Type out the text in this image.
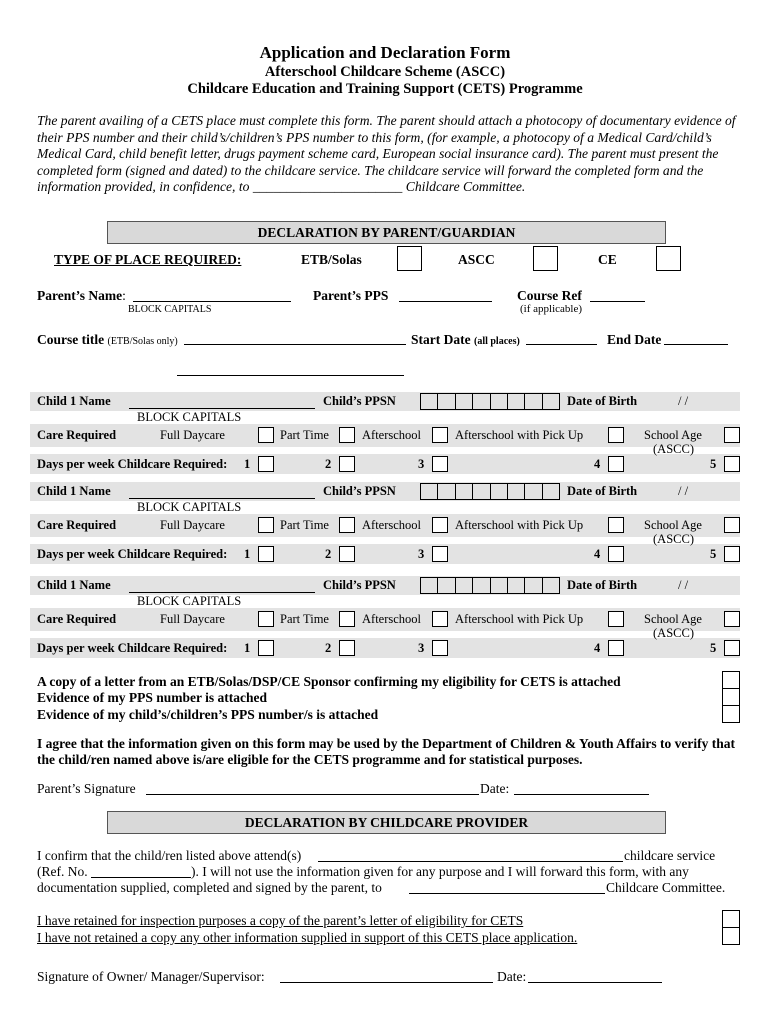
Application and Declaration Form
Afterschool Childcare Scheme (ASCC)
Childcare Education and Training Support (CETS) Programme
The parent availing of a CETS place must complete this form. The parent should attach a photocopy of documentary evidence of their PPS number and their child’s/children’s PPS number to this form, (for example, a photocopy of a Medical Card/child’s Medical Card, child benefit letter, drugs payment scheme card, European social insurance card). The parent must present the completed form (signed and dated) to the childcare service. The childcare service will forward the completed form and the information provided, in confidence, to ______________________ Childcare Committee.
DECLARATION BY PARENT/GUARDIAN
TYPE OF PLACE REQUIRED:	ETB/Solas	ASCC	CE
Parent’s Name:
BLOCK CAPITALS
Parent’s PPS	Course Ref
(if applicable)
Course title (ETB/Solas only)	Start Date (all places)	End Date
Child 1 Name	Child’s PPSN	Date of Birth	/ /
BLOCK CAPITALS
Care Required	Full Daycare	Part Time	Afterschool	Afterschool with Pick Up	School Age
(ASCC)
Days per week Childcare Required: 1	2	3	4	5
Child 1 Name	Child’s PPSN	Date of Birth	/ /
BLOCK CAPITALS
Care Required	Full Daycare	Part Time	Afterschool	Afterschool with Pick Up	School Age
(ASCC)
Days per week Childcare Required: 1	2	3	4	5
Child 1 Name	Child’s PPSN	Date of Birth	/ /
BLOCK CAPITALS
Care Required	Full Daycare	Part Time	Afterschool	Afterschool with Pick Up	School Age
(ASCC)
Days per week Childcare Required: 1	2	3	4	5
A copy of a letter from an ETB/Solas/DSP/CE Sponsor confirming my eligibility for CETS is attached
Evidence of my PPS number is attached
Evidence of my child’s/children’s PPS number/s is attached
I agree that the information given on this form may be used by the Department of Children & Youth Affairs to verify that the child/ren named above is/are eligible for the CETS programme and for statistical purposes.
Parent’s Signature	Date:
DECLARATION BY CHILDCARE PROVIDER
I confirm that the child/ren listed above attend(s)	childcare service
(Ref. No.	). I will not use the information given for any purpose and I will forward this form, with any
documentation supplied, completed and signed by the parent, to	Childcare Committee.
I have retained for inspection purposes a copy of the parent’s letter of eligibility for CETS
I have not retained a copy any other information supplied in support of this CETS place application.
Signature of Owner/ Manager/Supervisor:	Date:
